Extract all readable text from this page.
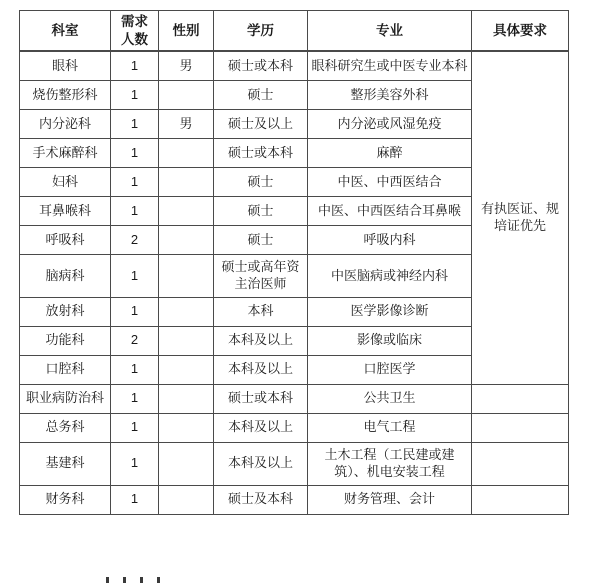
科室	需求 人数	性别	学历	专业	具体要求
眼科	1	男	硕士或本科	眼科研究生或中医专业本科	有执医证、规培证优先
烧伤整形科	1		硕士	整形美容外科	
内分泌科	1	男	硕士及以上	内分泌或风湿免疫	
手术麻醉科	1		硕士或本科	麻醉	
妇科	1		硕士	中医、中西医结合	
耳鼻喉科	1		硕士	中医、中西医结合耳鼻喉	
呼吸科	2		硕士	呼吸内科	
脑病科	1		硕士或高年资主治医师	中医脑病或神经内科	
放射科	1		本科	医学影像诊断	
功能科	2		本科及以上	影像或临床	
口腔科	1		本科及以上	口腔医学	
职业病防治科	1		硕士或本科	公共卫生	
总务科	1		本科及以上	电气工程	
基建科	1		本科及以上	土木工程（工民建或建筑）、机电安装工程	
财务科	1		硕士及本科	财务管理、会计	
